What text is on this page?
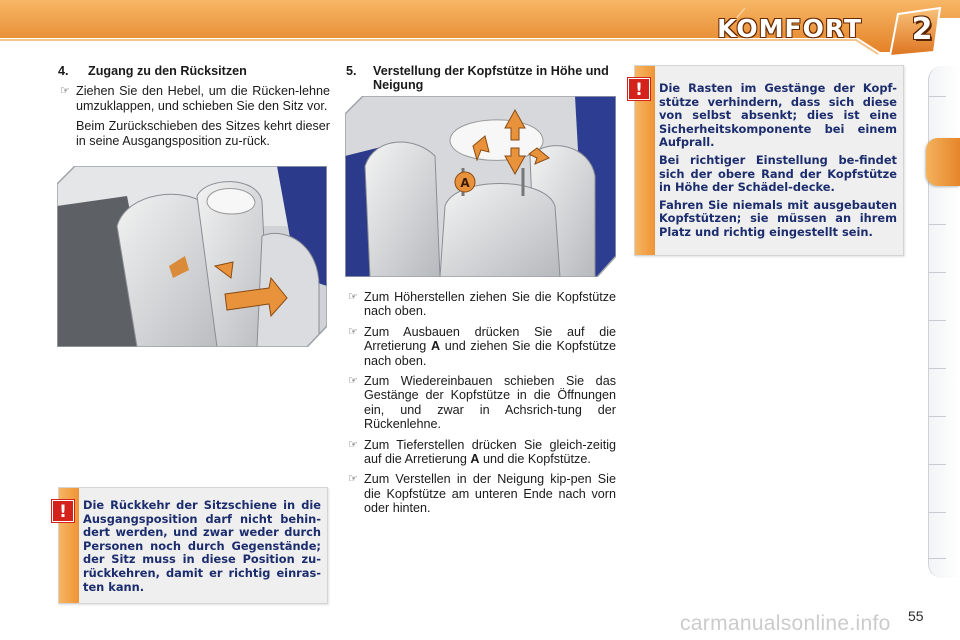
KOMFORT 2
4.	Zugang zu den Rücksitzen
☞ Ziehen Sie den Hebel, um die Rücken-lehne umzuklappen, und schieben Sie den Sitz vor.
Beim Zurückschieben des Sitzes kehrt dieser in seine Ausgangsposition zu-rück.
5.	Verstellung der Kopfstütze in Höhe und Neigung
A
☞ Zum Höherstellen ziehen Sie die Kopfstütze nach oben.
☞ Zum Ausbauen drücken Sie auf die Arretierung A und ziehen Sie die Kopfstütze nach oben.
☞ Zum Wiedereinbauen schieben Sie das Gestänge der Kopfstütze in die Öffnungen ein, und zwar in Achsrich-tung der Rückenlehne.
☞ Zum Tieferstellen drücken Sie gleich-zeitig auf die Arretierung A und die Kopfstütze.
☞ Zum Verstellen in der Neigung kip-pen Sie die Kopfstütze am unteren Ende nach vorn oder hinten.

Die Rasten im Gestänge der Kopf-stütze verhindern, dass sich diese von selbst absenkt; dies ist eine Sicherheitskomponente bei einem Aufprall.

Bei richtiger Einstellung be-findet sich der obere Rand der Kopfstütze in Höhe der Schädel-decke.

Fahren Sie niemals mit ausgebauten Kopfstützen; sie müssen an ihrem Platz und richtig eingestellt sein.

!

Die Rückkehr der Sitzschiene in die Ausgangsposition darf nicht behin-dert werden, und zwar weder durch Personen noch durch Gegenstände; der Sitz muss in diese Position zu-rückkehren, damit er richtig einras-ten kann.

!
carmanualsonline.info 55
